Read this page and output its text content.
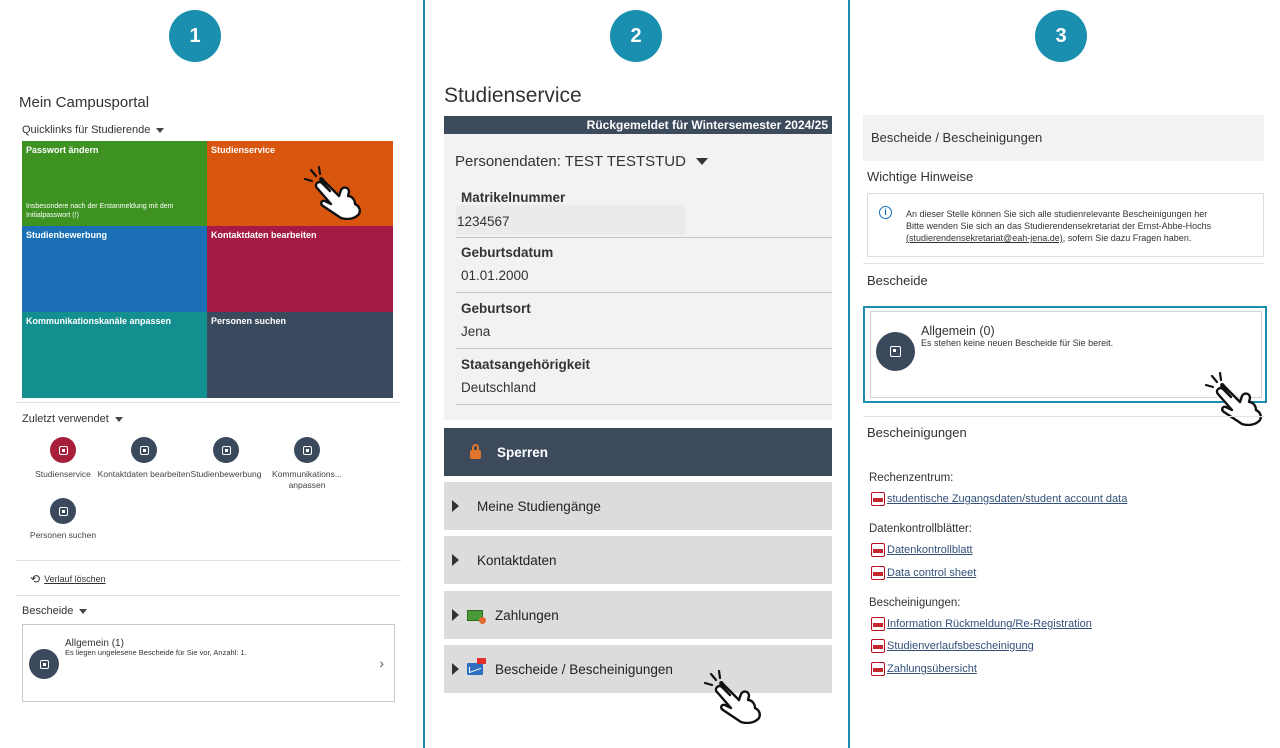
1	2	3
Mein Campusportal
Quicklinks für Studierende
Passwort ändern
Insbesondere nach der Erstanmeldung mit dem Initialpasswort (!)
Studienservice
Studienbewerbung	Kontaktdaten bearbeiten
Kommunikationskanäle anpassen	Personen suchen
Zuletzt verwendet
Studienservice Kontaktdaten bearbeiten Studienbewerbung	Kommunikations... anpassen
Personen suchen
⟲ Verlauf löschen
Bescheide
Allgemein (1)
Es liegen ungelesene Bescheide für Sie vor, Anzahl: 1.
›
Studienservice
Rückgemeldet für Wintersemester 2024/25
Personendaten: TEST TESTSTUD
Matrikelnummer
1234567
Geburtsdatum
01.01.2000
Geburtsort
Jena
Staatsangehörigkeit
Deutschland
Sperren
Meine Studiengänge
Kontaktdaten
Zahlungen
Bescheide / Bescheinigungen
Bescheide / Bescheinigungen
Wichtige Hinweise
i	An dieser Stelle können Sie sich alle studienrelevante Bescheinigungen her
Bitte wenden Sie sich an das Studierendensekretariat der Ernst-Abbe-Hochs
(studierendensekretariat@eah-jena.de), sofern Sie dazu Fragen haben.
Bescheide
Allgemein (0)
Es stehen keine neuen Bescheide für Sie bereit.
Bescheinigungen
Rechenzentrum:
studentische Zugangsdaten/student account data
Datenkontrollblätter:
Datenkontrollblatt
Data control sheet
Bescheinigungen:
Information Rückmeldung/Re-Registration
Studienverlaufsbescheinigung
Zahlungsübersicht
